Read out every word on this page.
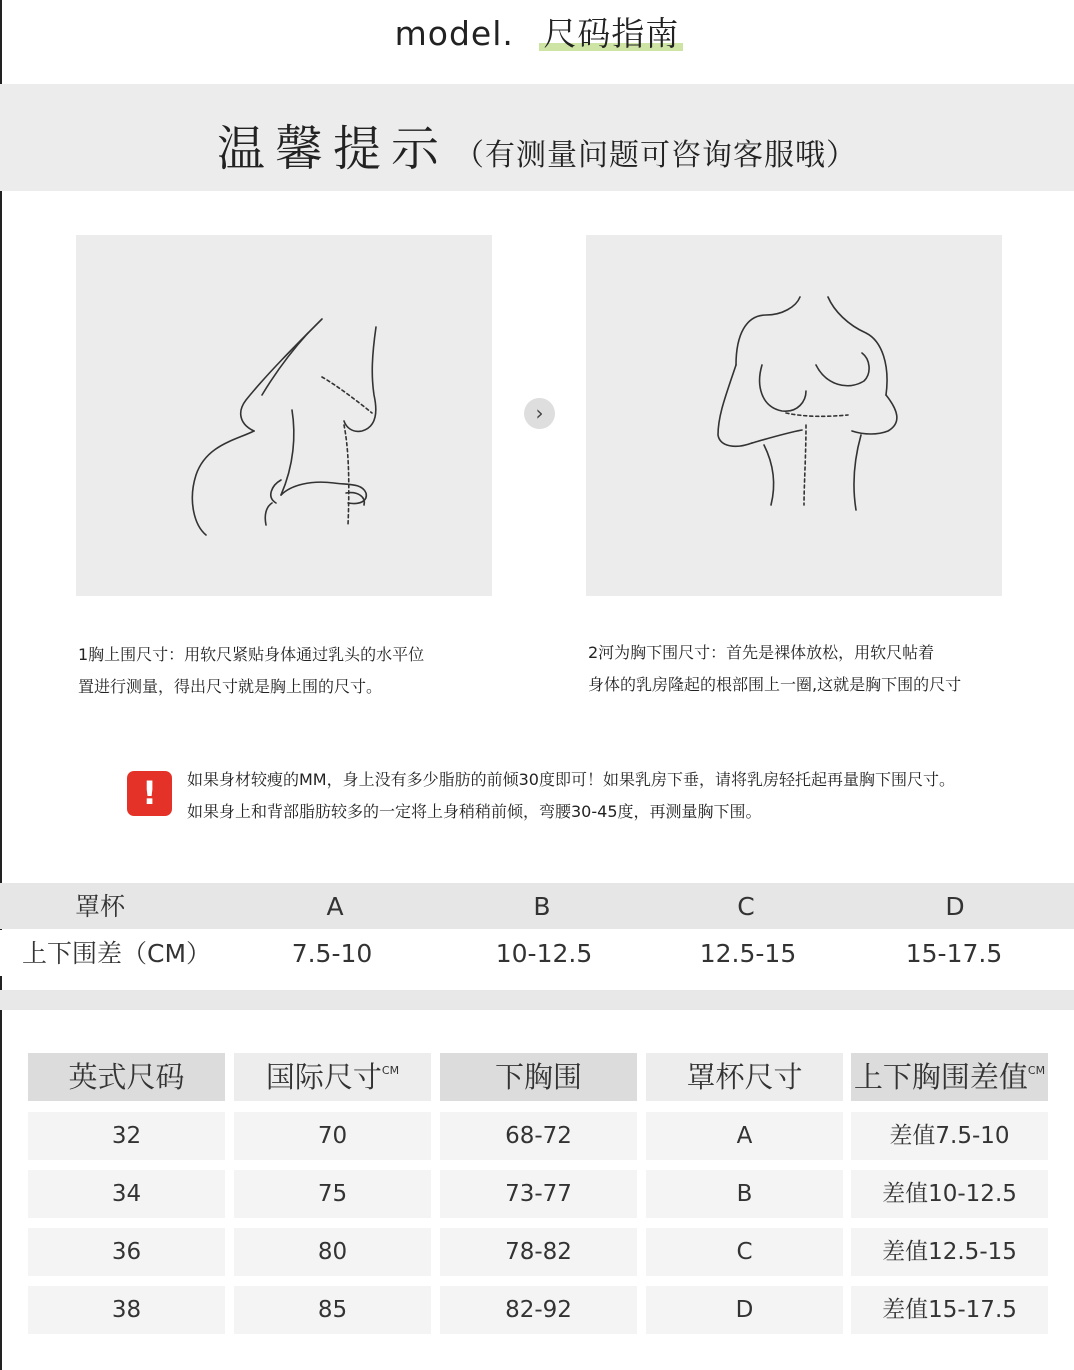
model. 尺码指南
温馨提示 （有测量问题可咨询客服哦）
›
1胸上围尺寸：用软尺紧贴身体通过乳头的水平位
置进行测量，得出尺寸就是胸上围的尺寸。
2河为胸下围尺寸：首先是裸体放松，用软尺帖着
身体的乳房隆起的根部围上一圈,这就是胸下围的尺寸
!	如果身材较瘦的MM，身上没有多少脂肪的前倾30度即可！如果乳房下垂，请将乳房轻托起再量胸下围尺寸。
如果身上和背部脂肪较多的一定将上身稍稍前倾，弯腰30-45度，再测量胸下围。
罩杯	A	B	C	D
上下围差（CM）	7.5-10	10-12.5	12.5-15	15-17.5
英式尺码	国际尺寸$^{CM}$	下胸围	罩杯尺寸	上下胸围差值$^{CM}$
32	70	68-72	A	差值7.5-10
34	75	73-77	B	差值10-12.5
36	80	78-82	C	差值12.5-15
38	85	82-92	D	差值15-17.5
